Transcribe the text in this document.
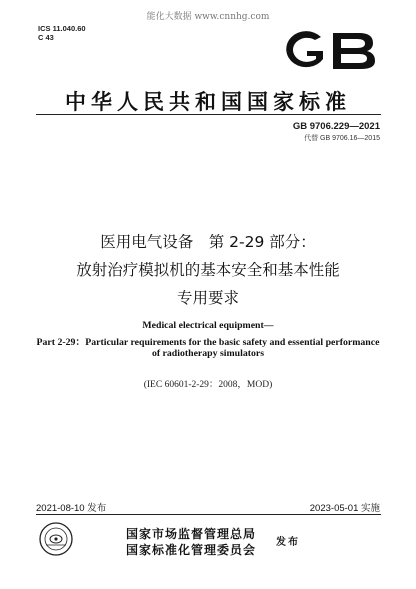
能化大数据 www.cnnhg.com
ICS 11.040.60
C 43
中华人民共和国国家标准
GB 9706.229—2021
代替 GB 9706.16—2015
医用电气设备　第 2-29 部分：
放射治疗模拟机的基本安全和基本性能
专用要求
Medical electrical equipment—
Part 2-29：Particular requirements for the basic safety and essential performance
of radiotherapy simulators
(IEC 60601-2-29：2008，MOD)
2021-08-10 发布	2023-05-01 实施
国家市场监督管理总局
国家标准化管理委员会
发布
